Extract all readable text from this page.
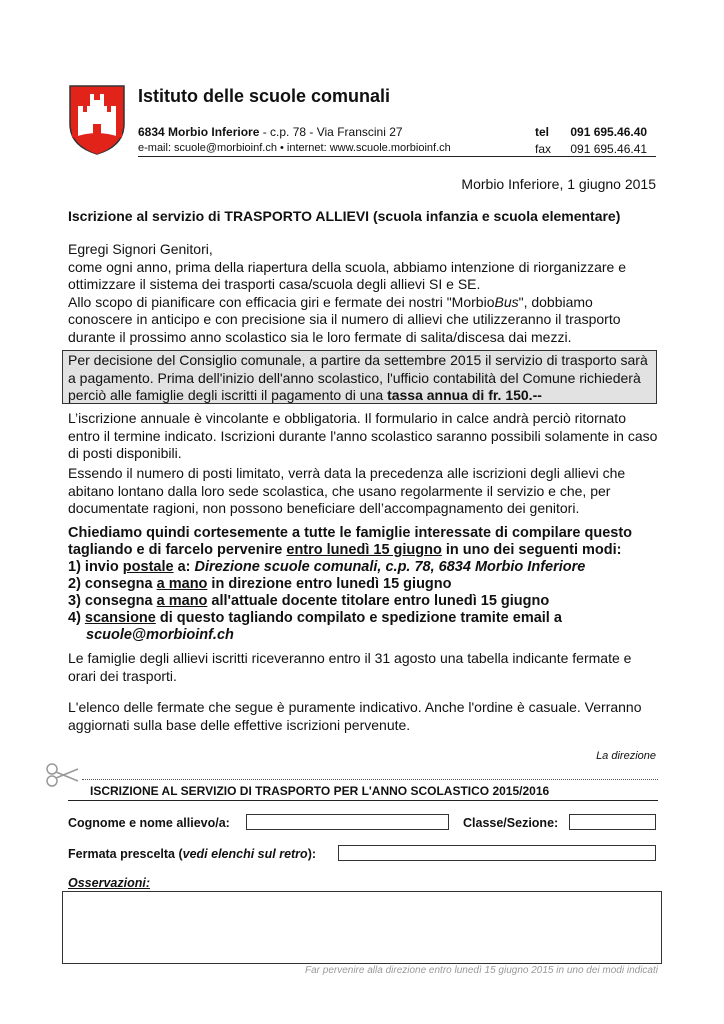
Istituto delle scuole comunali
6834 Morbio Inferiore - c.p. 78 - Via Franscini 27
e-mail: scuole@morbioinf.ch • internet: www.scuole.morbioinf.ch
tel 091 695.46.40
fax 091 695.46.41
Morbio Inferiore, 1 giugno 2015
Iscrizione al servizio di TRASPORTO ALLIEVI (scuola infanzia e scuola elementare)
Egregi Signori Genitori,
come ogni anno, prima della riapertura della scuola, abbiamo intenzione di riorganizzare e ottimizzare il sistema dei trasporti casa/scuola degli allievi SI e SE.
Allo scopo di pianificare con efficacia giri e fermate dei nostri "MorbioBus", dobbiamo conoscere in anticipo e con precisione sia il numero di allievi che utilizzeranno il trasporto durante il prossimo anno scolastico sia le loro fermate di salita/discesa dai mezzi.
Per decisione del Consiglio comunale, a partire da settembre 2015 il servizio di trasporto sarà a pagamento. Prima dell'inizio dell'anno scolastico, l'ufficio contabilità del Comune richiederà perciò alle famiglie degli iscritti il pagamento di una tassa annua di fr. 150.--
L’iscrizione annuale è vincolante e obbligatoria. Il formulario in calce andrà perciò ritornato entro il termine indicato. Iscrizioni durante l'anno scolastico saranno possibili solamente in caso di posti disponibili.
Essendo il numero di posti limitato, verrà data la precedenza alle iscrizioni degli allievi che abitano lontano dalla loro sede scolastica, che usano regolarmente il servizio e che, per documentate ragioni, non possono beneficiare dell’accompagnamento dei genitori.
Chiediamo quindi cortesemente a tutte le famiglie interessate di compilare questo tagliando e di farcelo pervenire entro lunedì 15 giugno in uno dei seguenti modi:
1) invio postale a: Direzione scuole comunali, c.p. 78, 6834 Morbio Inferiore
2) consegna a mano in direzione entro lunedì 15 giugno
3) consegna a mano all'attuale docente titolare entro lunedì 15 giugno
4) scansione di questo tagliando compilato e spedizione tramite email a
scuole@morbioinf.ch
Le famiglie degli allievi iscritti riceveranno entro il 31 agosto una tabella indicante fermate e orari dei trasporti.
L'elenco delle fermate che segue è puramente indicativo. Anche l'ordine è casuale. Verranno aggiornati sulla base delle effettive iscrizioni pervenute.
La direzione
ISCRIZIONE AL SERVIZIO DI TRASPORTO PER L'ANNO SCOLASTICO 2015/2016
Cognome e nome allievo/a:	Classe/Sezione:
Fermata prescelta (vedi elenchi sul retro):
Osservazioni:
Far pervenire alla direzione entro lunedì 15 giugno 2015 in uno dei modi indicati
